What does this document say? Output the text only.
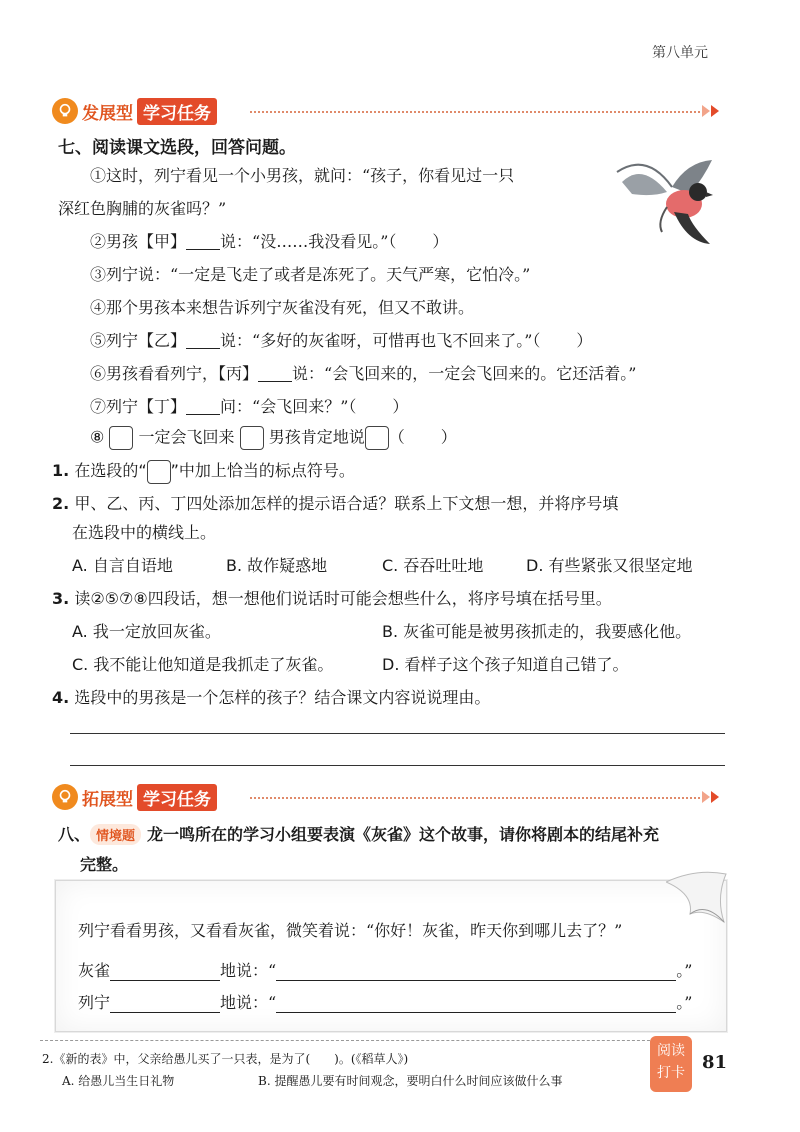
第八单元
发展型 学习任务
七、阅读课文选段，回答问题。
①这时，列宁看见一个小男孩，就问：“孩子，你看见过一只
深红色胸脯的灰雀吗？”
②男孩【甲】 说：“没……我没看见。”（ ）
③列宁说：“一定是飞走了或者是冻死了。天气严寒，它怕冷。”
④那个男孩本来想告诉列宁灰雀没有死，但又不敢讲。
⑤列宁【乙】 说：“多好的灰雀呀，可惜再也飞不回来了。”（ ）
⑥男孩看看列宁，【丙】 说：“会飞回来的，一定会飞回来的。它还活着。”
⑦列宁【丁】 问：“会飞回来？”（ ）
⑧ 一定会飞回来 男孩肯定地说 （ ）
1. 在选段的“ ”中加上恰当的标点符号。
2. 甲、乙、丙、丁四处添加怎样的提示语合适？联系上下文想一想，并将序号填
在选段中的横线上。
A. 自言自语地	B. 故作疑惑地	C. 吞吞吐吐地	D. 有些紧张又很坚定地
3. 读②⑤⑦⑧四段话，想一想他们说话时可能会想些什么，将序号填在括号里。
A. 我一定放回灰雀。	B. 灰雀可能是被男孩抓走的，我要感化他。
C. 我不能让他知道是我抓走了灰雀。	D. 看样子这个孩子知道自己错了。
4. 选段中的男孩是一个怎样的孩子？结合课文内容说说理由。
拓展型 学习任务
八、 情境题 龙一鸣所在的学习小组要表演《灰雀》这个故事，请你将剧本的结尾补充
完整。
列宁看看男孩，又看看灰雀，微笑着说：“你好！灰雀，昨天你到哪儿去了？”
灰雀	地说：“	。”
列宁	地说：“	。”
2.《新的表》中，父亲给愚儿买了一只表，是为了(　　)。(《稻草人》)
A. 给愚儿当生日礼物	B. 提醒愚儿要有时间观念，要明白什么时间应该做什么事
阅读
打卡 81
